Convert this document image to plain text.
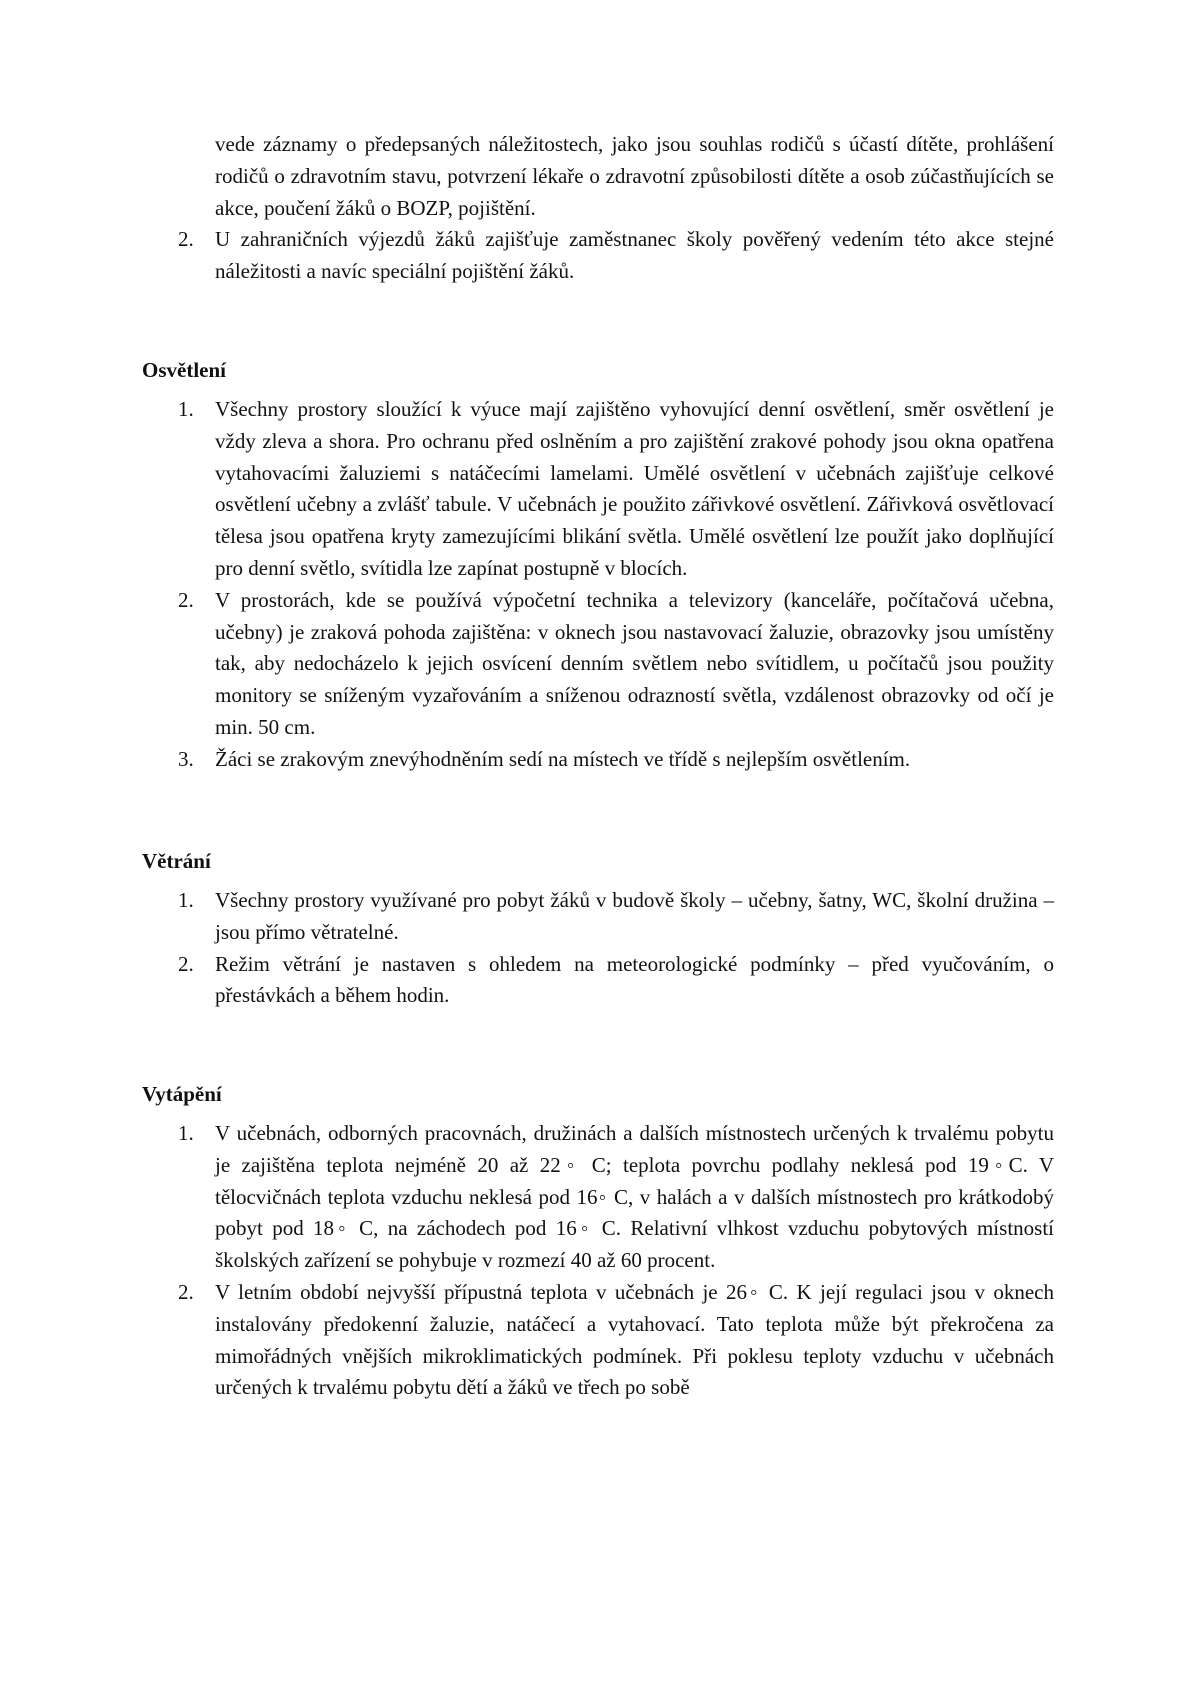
vede záznamy o předepsaných náležitostech, jako jsou souhlas rodičů s účastí dítěte, prohlášení rodičů o zdravotním stavu, potvrzení lékaře o zdravotní způsobilosti dítěte a osob zúčastňujících se akce, poučení žáků o BOZP, pojištění.
2. U zahraničních výjezdů žáků zajišťuje zaměstnanec školy pověřený vedením této akce stejné náležitosti a navíc speciální pojištění žáků.
Osvětlení
1. Všechny prostory sloužící k výuce mají zajištěno vyhovující denní osvětlení, směr osvětlení je vždy zleva a shora. Pro ochranu před oslněním a pro zajištění zrakové pohody jsou okna opatřena vytahovacími žaluziemi s natáčecími lamelami. Umělé osvětlení v učebnách zajišťuje celkové osvětlení učebny a zvlášť tabule. V učebnách je použito zářivkové osvětlení. Zářivková osvětlovací tělesa jsou opatřena kryty zamezujícími blikání světla. Umělé osvětlení lze použít jako doplňující pro denní světlo, svítidla lze zapínat postupně v blocích.
2. V prostorách, kde se používá výpočetní technika a televizory (kanceláře, počítačová učebna, učebny) je zraková pohoda zajištěna: v oknech jsou nastavovací žaluzie, obrazovky jsou umístěny tak, aby nedocházelo k jejich osvícení denním světlem nebo svítidlem, u počítačů jsou použity monitory se sníženým vyzařováním a sníženou odrazností světla, vzdálenost obrazovky od očí je min. 50 cm.
3. Žáci se zrakovým znevýhodněním sedí na místech ve třídě s nejlepším osvětlením.
Větrání
1. Všechny prostory využívané pro pobyt žáků v budově školy – učebny, šatny, WC, školní družina – jsou přímo větratelné.
2. Režim větrání je nastaven s ohledem na meteorologické podmínky – před vyučováním, o přestávkách a během hodin.
Vytápění
1. V učebnách, odborných pracovnách, družinách a dalších místnostech určených k trvalému pobytu je zajištěna teplota nejméně 20 až 22◦ C; teplota povrchu podlahy neklesá pod 19◦C. V tělocvičnách teplota vzduchu neklesá pod 16◦ C, v halách a v dalších místnostech pro krátkodobý pobyt pod 18◦ C, na záchodech pod 16◦ C. Relativní vlhkost vzduchu pobytových místností školských zařízení se pohybuje v rozmezí 40 až 60 procent.
2. V letním období nejvyšší přípustná teplota v učebnách je 26◦ C. K její regulaci jsou v oknech instalovány předokenní žaluzie, natáčecí a vytahovací. Tato teplota může být překročena za mimořádných vnějších mikroklimatických podmínek. Při poklesu teploty vzduchu v učebnách určených k trvalému pobytu dětí a žáků ve třech po sobě
